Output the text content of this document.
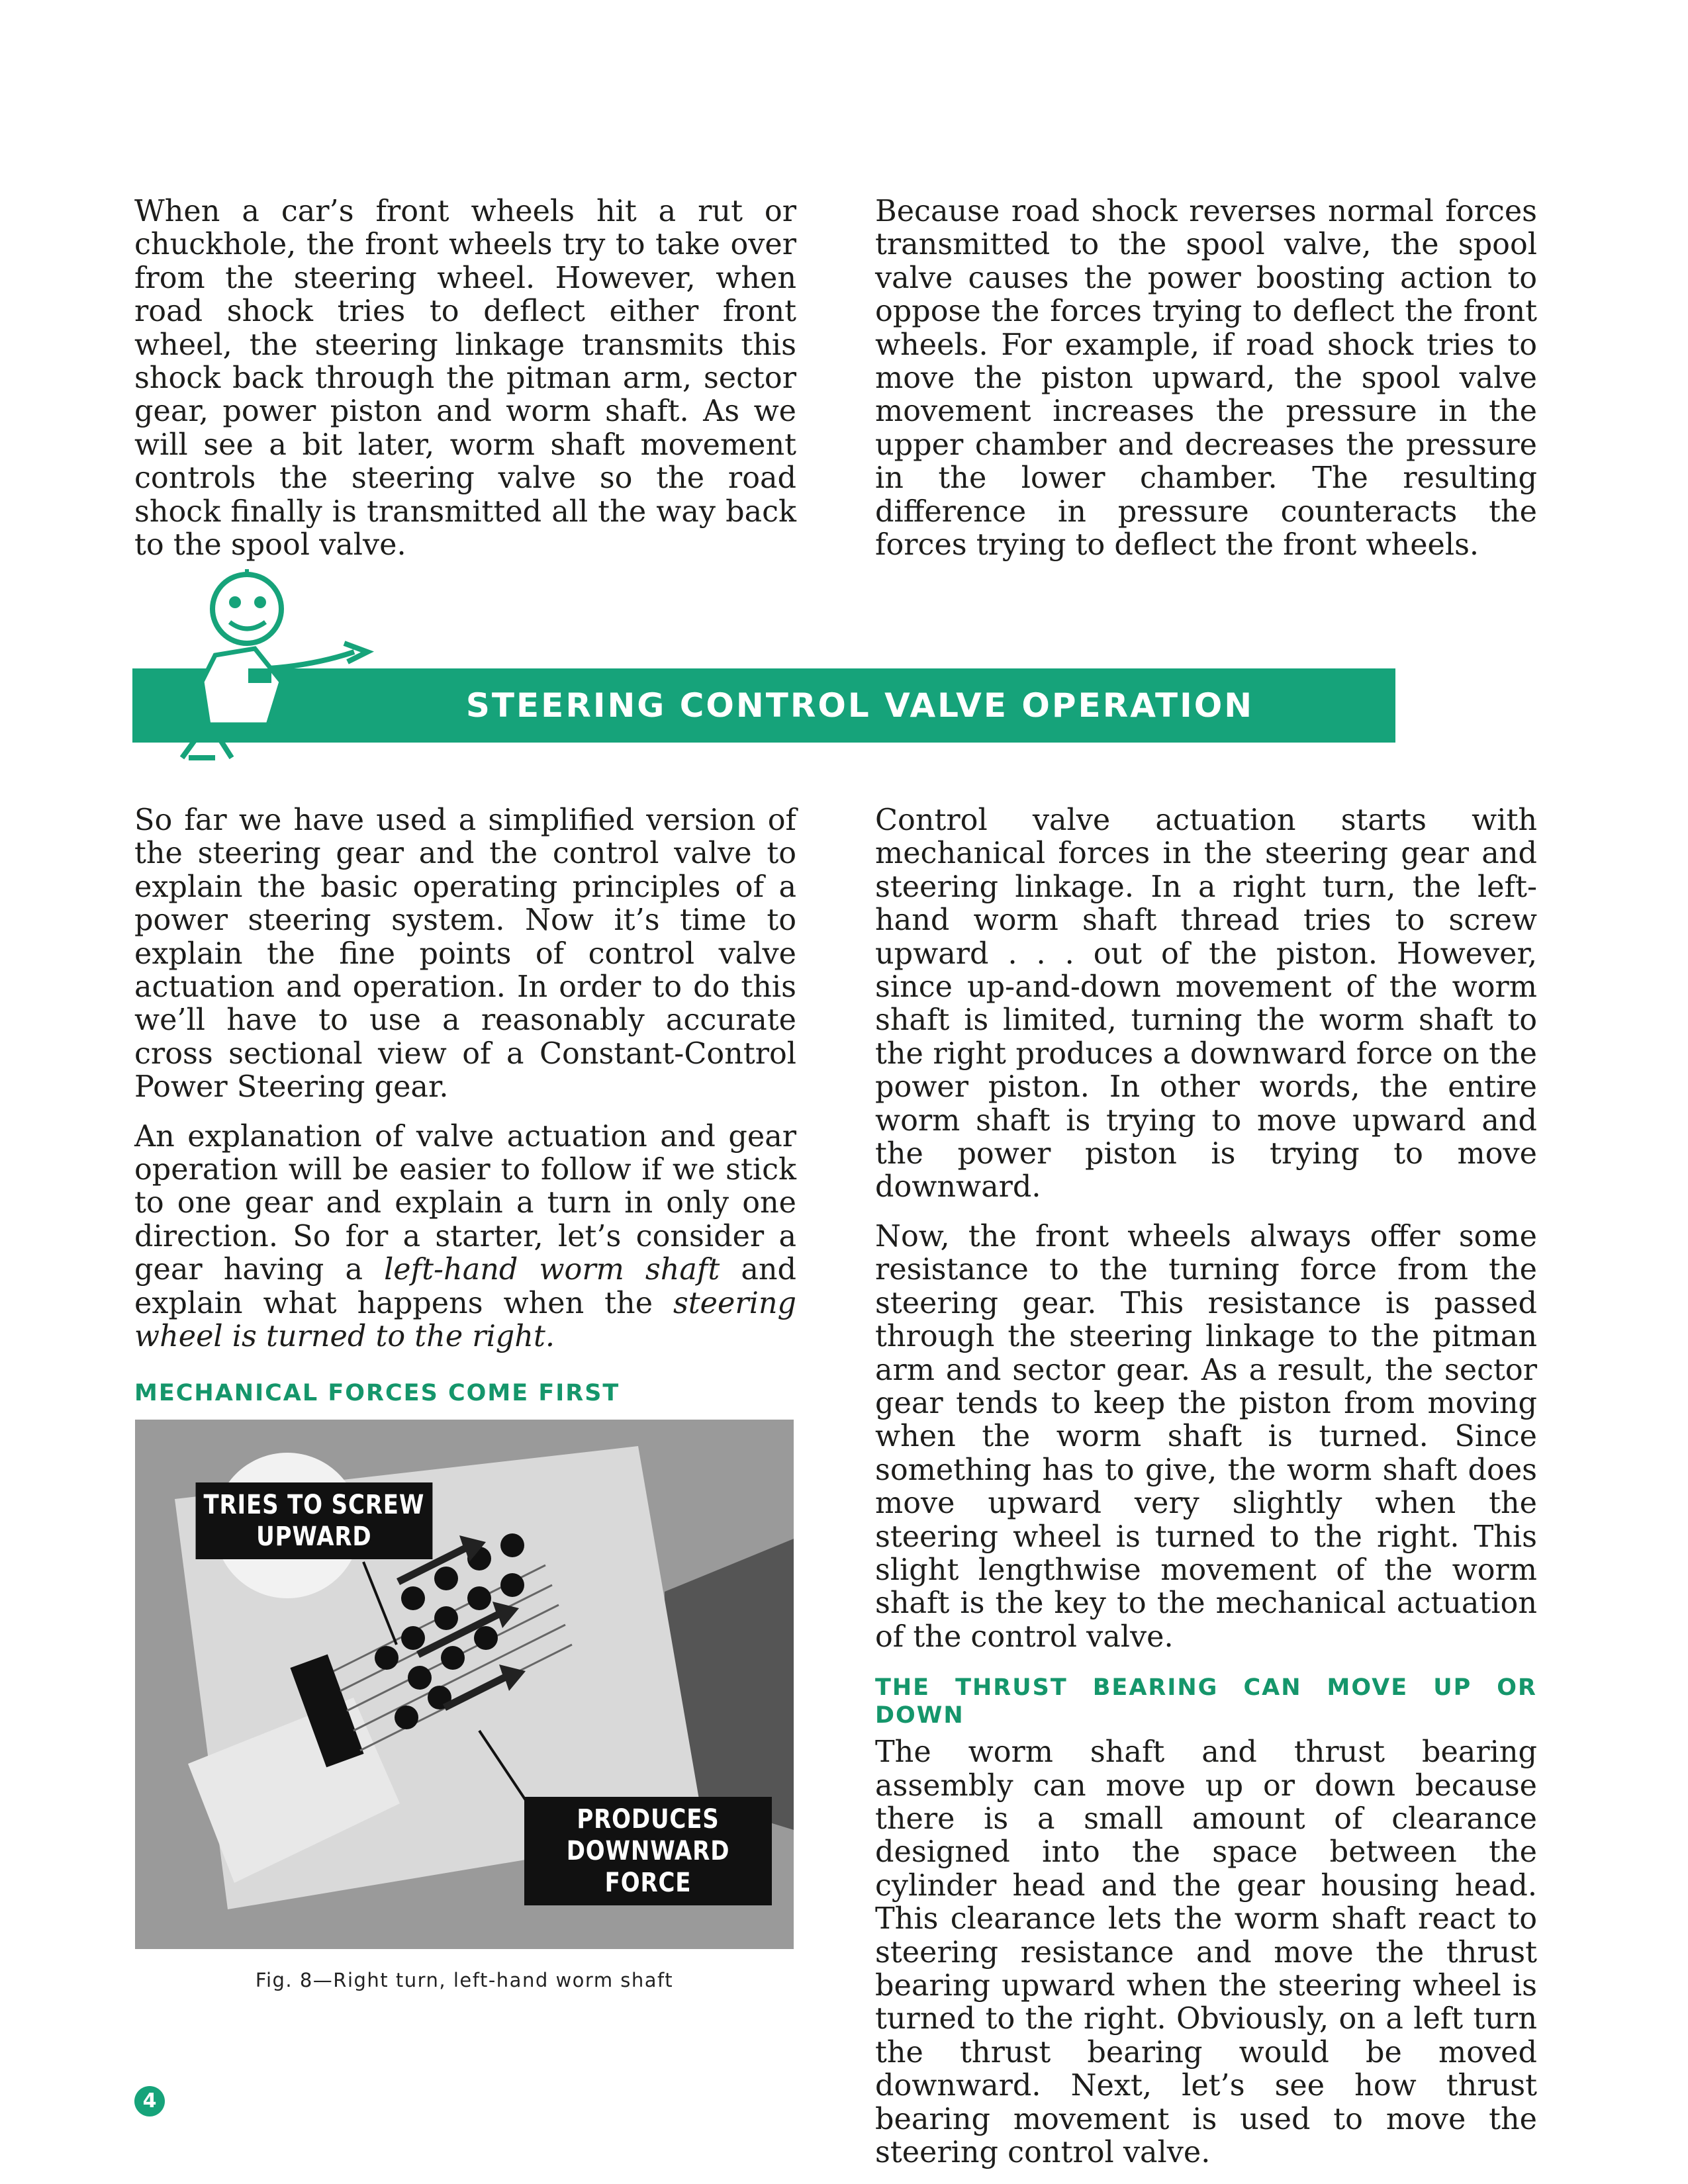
When a car’s front wheels hit a rut or chuckhole, the front wheels try to take over from the steering wheel. However, when road shock tries to deflect either front wheel, the steering linkage transmits this shock back through the pitman arm, sector gear, power piston and worm shaft. As we will see a bit later, worm shaft movement controls the steering valve so the road shock finally is transmitted all the way back to the spool valve.

Because road shock reverses normal forces transmitted to the spool valve, the spool valve causes the power boosting action to oppose the forces trying to deflect the front wheels. For example, if road shock tries to move the piston upward, the spool valve movement increases the pressure in the upper chamber and decreases the pressure in the lower chamber. The resulting difference in pressure counteracts the forces trying to deflect the front wheels.

STEERING CONTROL VALVE OPERATION

So far we have used a simplified version of the steering gear and the control valve to explain the basic operating principles of a power steering system. Now it’s time to explain the fine points of control valve actuation and operation. In order to do this we’ll have to use a reasonably accurate cross sectional view of a Constant-Control Power Steering gear.

An explanation of valve actuation and gear operation will be easier to follow if we stick to one gear and explain a turn in only one direction. So for a starter, let’s consider a gear having a left-hand worm shaft and explain what happens when the steering wheel is turned to the right.

MECHANICAL FORCES COME FIRST
TRIES TO SCREW
UPWARD
PRODUCES
DOWNWARD FORCE
Fig. 8—Right turn, left-hand worm shaft

Control valve actuation starts with mechanical forces in the steering gear and steering linkage. In a right turn, the left-hand worm shaft thread tries to screw upward . . . out of the piston. However, since up-and-down movement of the worm shaft is limited, turning the worm shaft to the right produces a downward force on the power piston. In other words, the entire worm shaft is trying to move upward and the power piston is trying to move downward.

Now, the front wheels always offer some resistance to the turning force from the steering gear. This resistance is passed through the steering linkage to the pitman arm and sector gear. As a result, the sector gear tends to keep the piston from moving when the worm shaft is turned. Since something has to give, the worm shaft does move upward very slightly when the steering wheel is turned to the right. This slight lengthwise movement of the worm shaft is the key to the mechanical actuation of the control valve.

THE THRUST BEARING CAN MOVE UP OR DOWN

The worm shaft and thrust bearing assembly can move up or down because there is a small amount of clearance designed into the space between the cylinder head and the gear housing head. This clearance lets the worm shaft react to steering resistance and move the thrust bearing upward when the steering wheel is turned to the right. Obviously, on a left turn the thrust bearing would be moved downward. Next, let’s see how thrust bearing movement is used to move the steering control valve.

4
